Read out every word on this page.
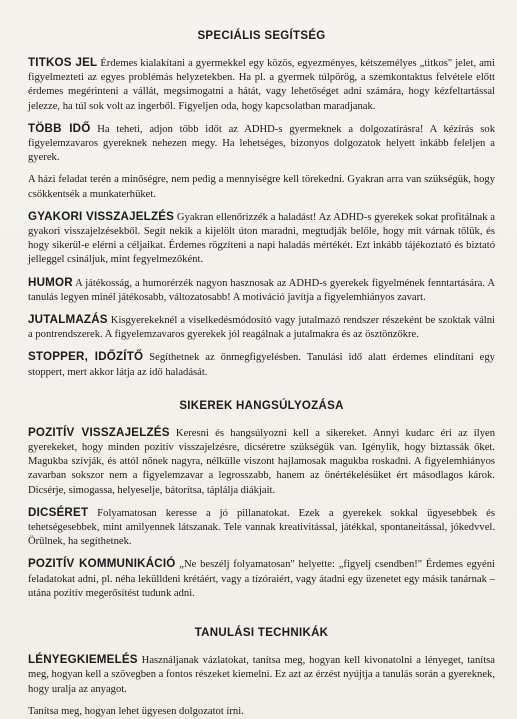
SPECIÁLIS SEGÍTSÉG

TITKOS JEL Érdemes kialakítani a gyermekkel egy közös, egyezményes, kétszemélyes „titkos" jelet, ami figyelmezteti az egyes problémás helyzetekben. Ha pl. a gyermek túlpörög, a szemkontaktus felvétele előtt érdemes megérinteni a vállát, megsimogatni a hátát, vagy lehetőséget adni számára, hogy kézfeltartással jelezze, ha túl sok volt az ingerből. Figyeljen oda, hogy kapcsolatban maradjanak.

TÖBB IDŐ Ha teheti, adjon több időt az ADHD-s gyermeknek a dolgozatírásra! A kézírás sok figyelemzavaros gyereknek nehezen megy. Ha lehetséges, bizonyos dolgozatok helyett inkább feleljen a gyerek.

A házi feladat terén a minőségre, nem pedig a mennyiségre kell törekedni. Gyakran arra van szükségük, hogy csökkentsék a munkaterhüket.

GYAKORI VISSZAJELZÉS Gyakran ellenőrizzék a haladást! Az ADHD-s gyerekek sokat profitálnak a gyakori visszajelzésekből. Segít nekik a kijelölt úton maradni, megtudják belőle, hogy mit várnak tőlük, és hogy sikerül-e elérni a céljaikat. Érdemes rögzíteni a napi haladás mértékét. Ezt inkább tájékoztató és biztató jelleggel csináljuk, mint fegyelmezőként.

HUMOR A játékosság, a humorérzék nagyon hasznosak az ADHD-s gyerekek figyelmének fenntartására. A tanulás legyen minél játékosabb, változatosabb! A motiváció javítja a figyelemhiányos zavart.

JUTALMAZÁS Kisgyerekeknél a viselkedésmódosító vagy jutalmazó rendszer részeként be szoktak válni a pontrendszerek. A figyelemzavaros gyerekek jól reagálnak a jutalmakra és az ösztönzőkre.

STOPPER, IDŐZÍTŐ Segíthetnek az önmegfigyelésben. Tanulási idő alatt érdemes elindítani egy stoppert, mert akkor látja az idő haladását.

SIKEREK HANGSÚLYOZÁSA

POZITÍV VISSZAJELZÉS Keresni és hangsúlyozni kell a sikereket. Annyi kudarc éri az ilyen gyerekeket, hogy minden pozitív visszajelzésre, dicséretre szükségük van. Igénylik, hogy biztassák őket. Magukba szívják, és attól nőnek nagyra, nélkülle viszont hajlamosak magukba roskadni. A figyelemhiányos zavarban sokszor nem a figyelemzavar a legrosszabb, hanem az önértékelésüket ért másodlagos károk. Dicsérje, simogassa, helyeselje, bátorítsa, táplálja diákjait.

DICSÉRET Folyamatosan keresse a jó pillanatokat. Ezek a gyerekek sokkal ügyesebbek és tehetségesebbek, mint amilyennek látszanak. Tele vannak kreativitással, játékkal, spontaneitással, jókedvvel. Örülnek, ha segíthetnek.

POZITÍV KOMMUNIKÁCIÓ „Ne beszélj folyamatosan" helyette: „figyelj csendben!" Érdemes egyéni feladatokat adni, pl. néha lekülldeni krétáért, vagy a tízóraiért, vagy átadni egy üzenetet egy másik tanárnak – utána pozitív megerősítést tudunk adni.

TANULÁSI TECHNIKÁK

LÉNYEGKIEMELÉS Használjanak vázlatokat, tanítsa meg, hogyan kell kivonatolni a lényeget, tanítsa meg, hogyan kell a szövegben a fontos részeket kiemelni. Ez azt az érzést nyújtja a tanulás során a gyereknek, hogy uralja az anyagot.

Tanítsa meg, hogyan lehet ügyesen dolgozatot írni.
